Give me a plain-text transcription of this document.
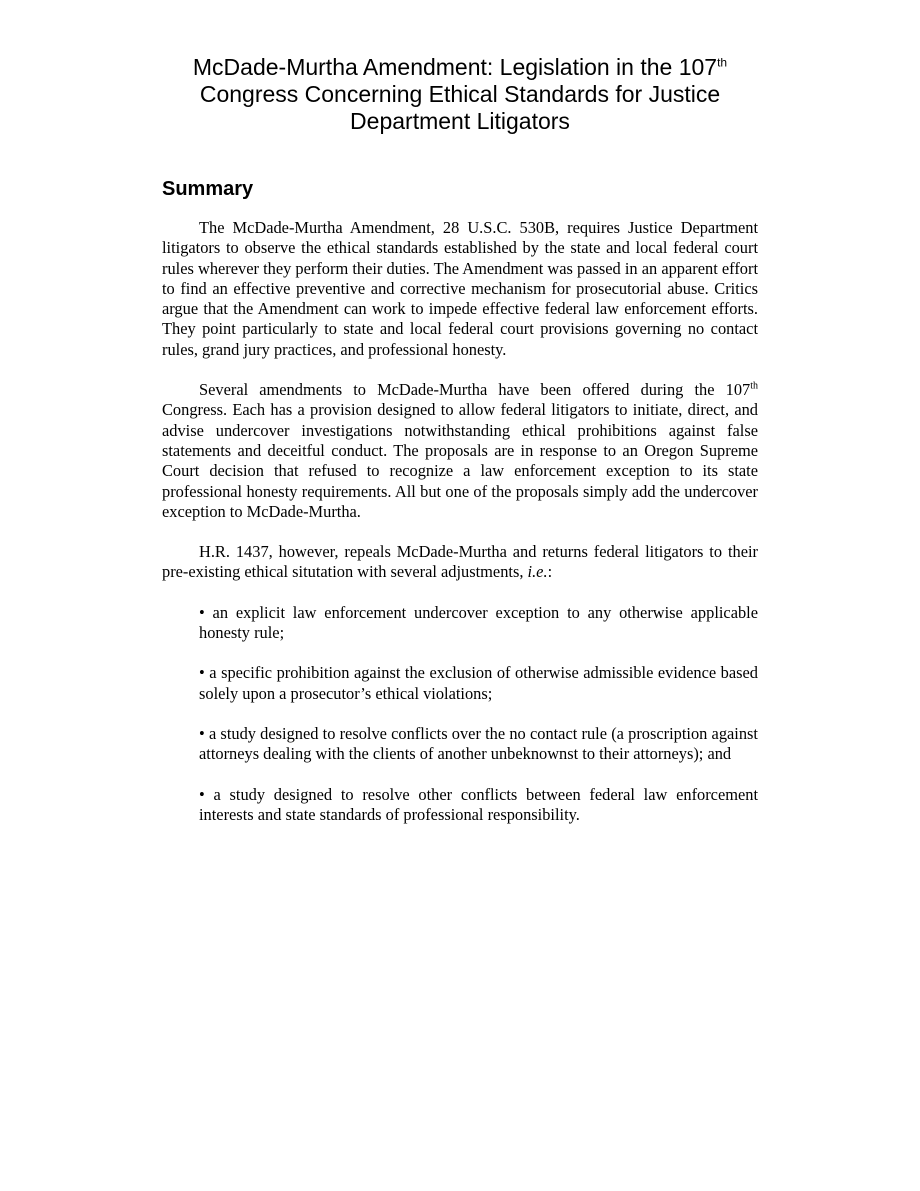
McDade-Murtha Amendment: Legislation in the 107th
Congress Concerning Ethical Standards for Justice Department Litigators
Summary

The McDade-Murtha Amendment, 28 U.S.C. 530B, requires Justice Department litigators to observe the ethical standards established by the state and local federal court rules wherever they perform their duties. The Amendment was passed in an apparent effort to find an effective preventive and corrective mechanism for prosecutorial abuse. Critics argue that the Amendment can work to impede effective federal law enforcement efforts. They point particularly to state and local federal court provisions governing no contact rules, grand jury practices, and professional honesty.

Several amendments to McDade-Murtha have been offered during the 107th Congress. Each has a provision designed to allow federal litigators to initiate, direct, and advise undercover investigations notwithstanding ethical prohibitions against false statements and deceitful conduct. The proposals are in response to an Oregon Supreme Court decision that refused to recognize a law enforcement exception to its state professional honesty requirements. All but one of the proposals simply add the undercover exception to McDade-Murtha.

H.R. 1437, however, repeals McDade-Murtha and returns federal litigators to their pre-existing ethical situtation with several adjustments, i.e.:

• an explicit law enforcement undercover exception to any otherwise applicable honesty rule;
• a specific prohibition against the exclusion of otherwise admissible evidence based solely upon a prosecutor’s ethical violations;
• a study designed to resolve conflicts over the no contact rule (a proscription against attorneys dealing with the clients of another unbeknownst to their attorneys); and
• a study designed to resolve other conflicts between federal law enforcement interests and state standards of professional responsibility.
